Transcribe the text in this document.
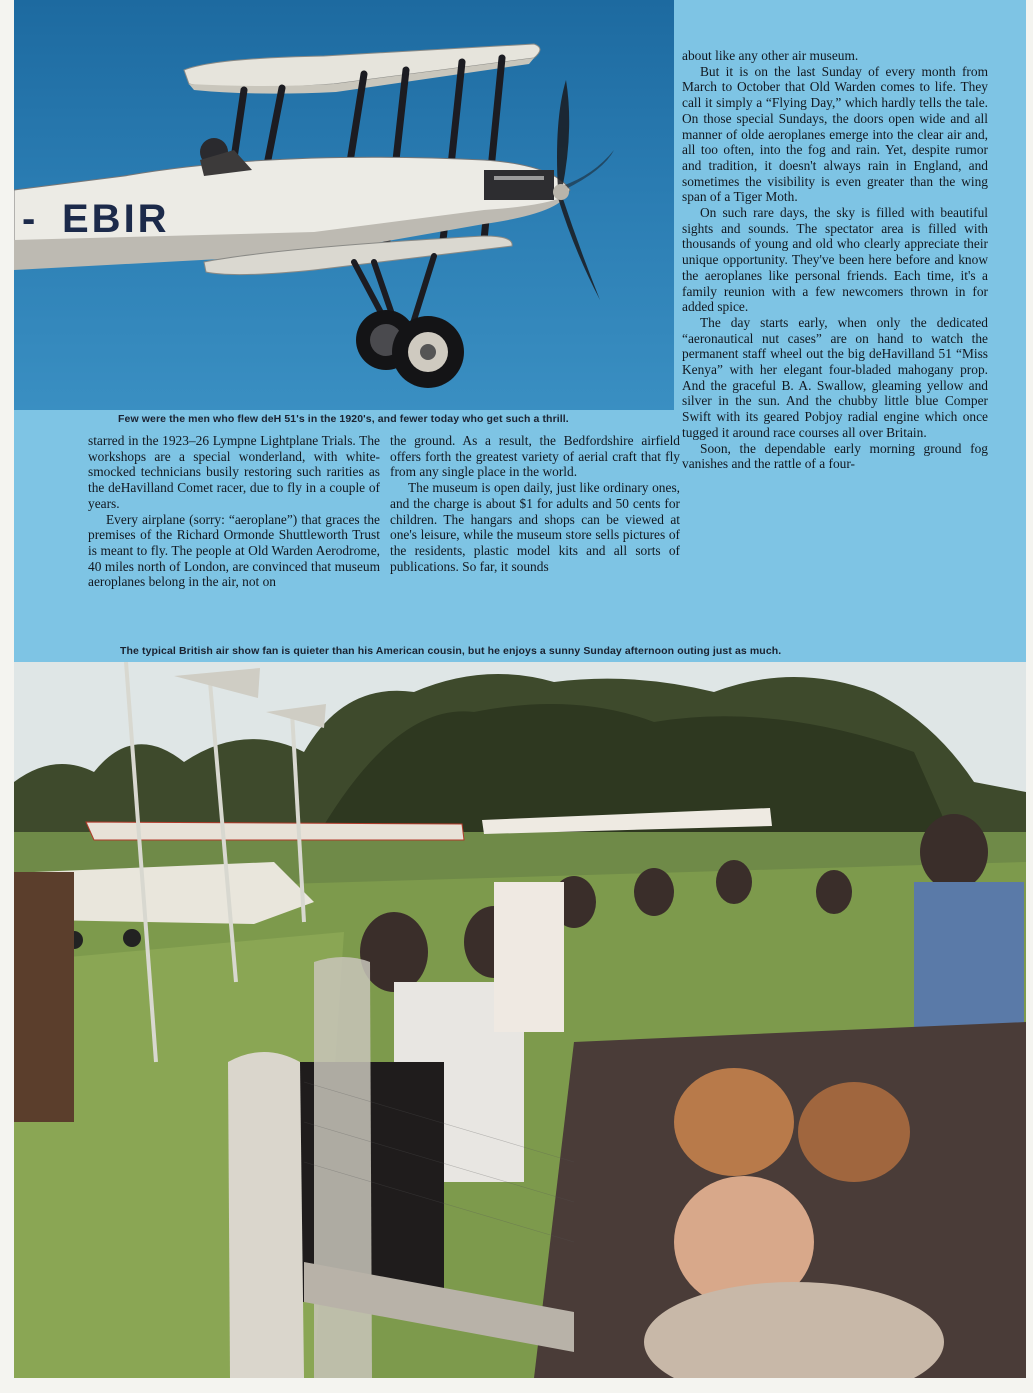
EBIR
-
Few were the men who flew deH 51's in the 1920's, and fewer today who get such a thrill.

about like any other air museum.

But it is on the last Sunday of every month from March to October that Old Warden comes to life. They call it simply a “Flying Day,” which hardly tells the tale. On those special Sundays, the doors open wide and all manner of olde aeroplanes emerge into the clear air and, all too often, into the fog and rain. Yet, despite rumor and tradition, it doesn't always rain in England, and sometimes the visibility is even greater than the wing span of a Tiger Moth.

On such rare days, the sky is filled with beautiful sights and sounds. The spectator area is filled with thousands of young and old who clearly appreciate their unique opportunity. They've been here before and know the aeroplanes like personal friends. Each time, it's a family reunion with a few newcomers thrown in for added spice.

The day starts early, when only the dedicated “aeronautical nut cases” are on hand to watch the permanent staff wheel out the big deHavilland 51 “Miss Kenya” with her elegant four-bladed mahogany prop. And the graceful B. A. Swallow, gleaming yellow and silver in the sun. And the chubby little blue Comper Swift with its geared Pobjoy radial engine which once tugged it around race courses all over Britain.

Soon, the dependable early morning ground fog vanishes and the rattle of a four-

starred in the 1923–26 Lympne Lightplane Trials. The workshops are a special wonderland, with white-smocked technicians busily restoring such rarities as the deHavilland Comet racer, due to fly in a couple of years.

Every airplane (sorry: “aeroplane”) that graces the premises of the Richard Ormonde Shuttleworth Trust is meant to fly. The people at Old Warden Aerodrome, 40 miles north of London, are convinced that museum aeroplanes belong in the air, not on

the ground. As a result, the Bedfordshire airfield offers forth the greatest variety of aerial craft that fly from any single place in the world.

The museum is open daily, just like ordinary ones, and the charge is about $1 for adults and 50 cents for children. The hangars and shops can be viewed at one's leisure, while the museum store sells pictures of the residents, plastic model kits and all sorts of publications. So far, it sounds

The typical British air show fan is quieter than his American cousin, but he enjoys a sunny Sunday afternoon outing just as much.
